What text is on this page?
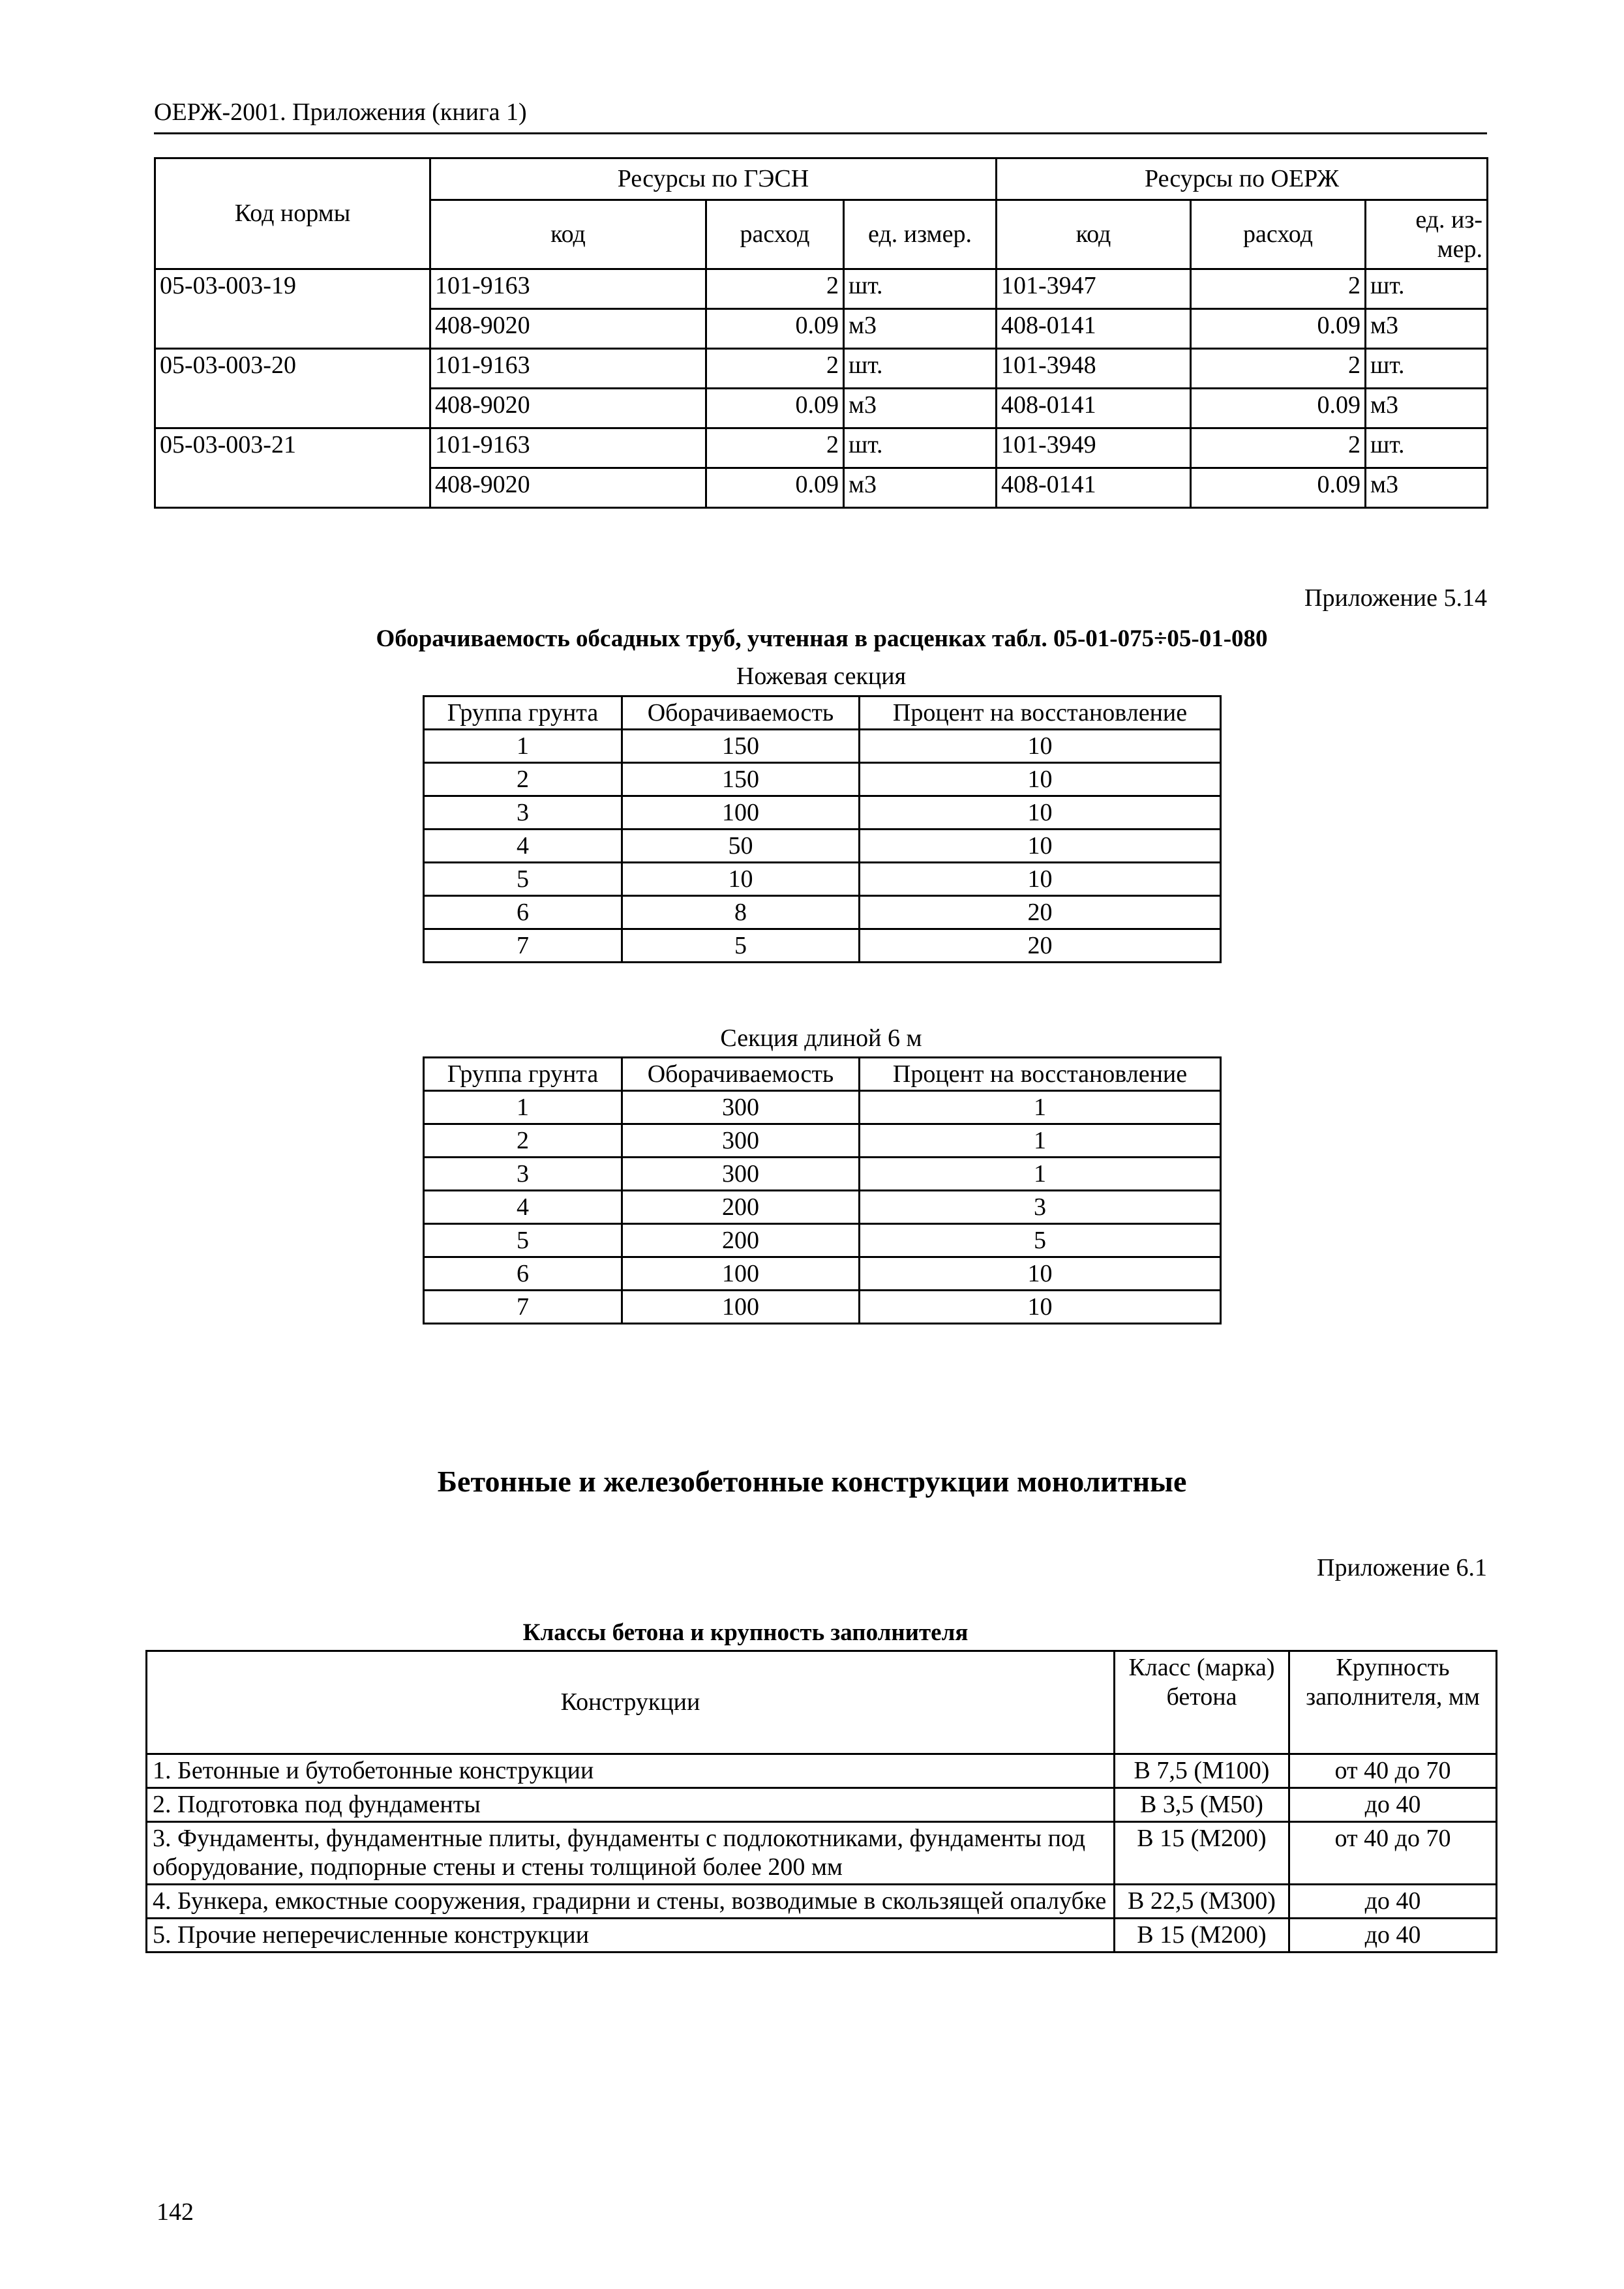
ОЕРЖ-2001. Приложения (книга 1)
Код нормы	Ресурсы по ГЭСН			Ресурсы по ОЕРЖ		
	код	расход	ед. измер.	код	расход	ед. из-мер.
05-03-003-19	101-9163	2	шт.	101-3947	2	шт.
	408-9020	0.09	м3	408-0141	0.09	м3
05-03-003-20	101-9163	2	шт.	101-3948	2	шт.
	408-9020	0.09	м3	408-0141	0.09	м3
05-03-003-21	101-9163	2	шт.	101-3949	2	шт.
	408-9020	0.09	м3	408-0141	0.09	м3
Приложение 5.14
Оборачиваемость обсадных труб, учтенная в расценках табл. 05-01-075÷05-01-080
Ножевая секция
Группа грунта	Оборачиваемость	Процент на восстановление
1	150	10
2	150	10
3	100	10
4	50	10
5	10	10
6	8	20
7	5	20
Секция длиной 6 м
Группа грунта	Оборачиваемость	Процент на восстановление
1	300	1
2	300	1
3	300	1
4	200	3
5	200	5
6	100	10
7	100	10
Бетонные и железобетонные конструкции монолитные
Приложение 6.1
Классы бетона и крупность заполнителя
Конструкции	Класс (марка) бетона	Крупность заполнителя, мм
1. Бетонные и бутобетонные конструкции	В 7,5 (М100)	от 40 до 70
2. Подготовка под фундаменты	В 3,5 (М50)	до 40
3. Фундаменты, фундаментные плиты, фундаменты с подлокотниками, фундаменты под оборудование, подпорные стены и стены толщиной более 200 мм	В 15 (М200)	от 40 до 70
4. Бункера, емкостные сооружения, градирни и стены, возводимые в скользящей опалубке	В 22,5 (М300)	до 40
5. Прочие неперечисленные конструкции	В 15 (М200)	до 40
142
